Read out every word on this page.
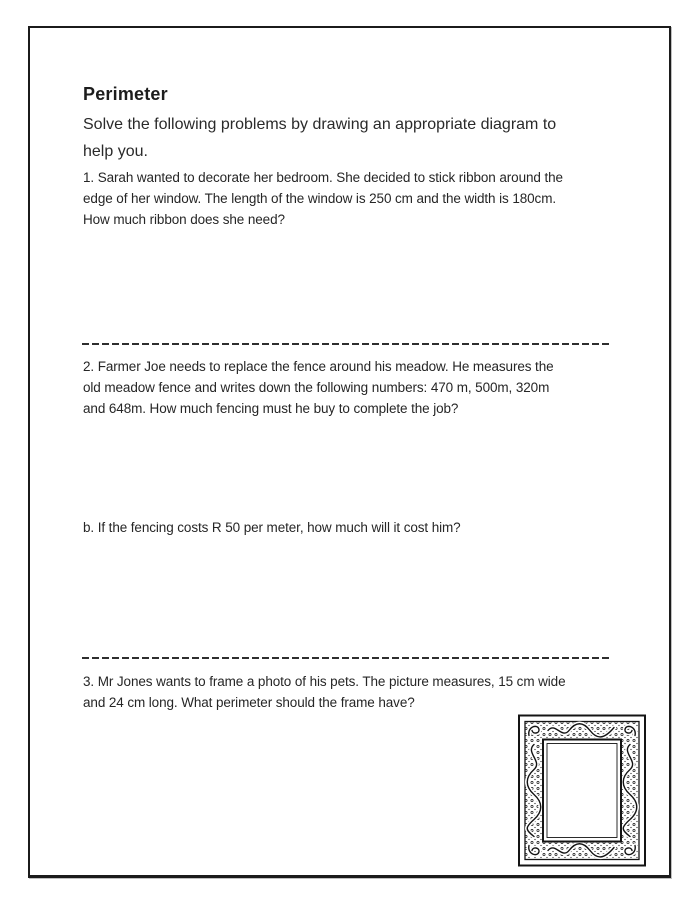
Perimeter
Solve the following problems by drawing an appropriate diagram to
help you.
1. Sarah wanted to decorate her bedroom. She decided to stick ribbon around the
edge of her window. The length of the window is 250 cm and the width is 180cm.
How much ribbon does she need?
2. Farmer Joe needs to replace the fence around his meadow. He measures the
old meadow fence and writes down the following numbers: 470 m, 500m, 320m
and 648m. How much fencing must he buy to complete the job?
b. If the fencing costs R 50 per meter, how much will it cost him?
3. Mr Jones wants to frame a photo of his pets. The picture measures, 15 cm wide
and 24 cm long. What perimeter should the frame have?
